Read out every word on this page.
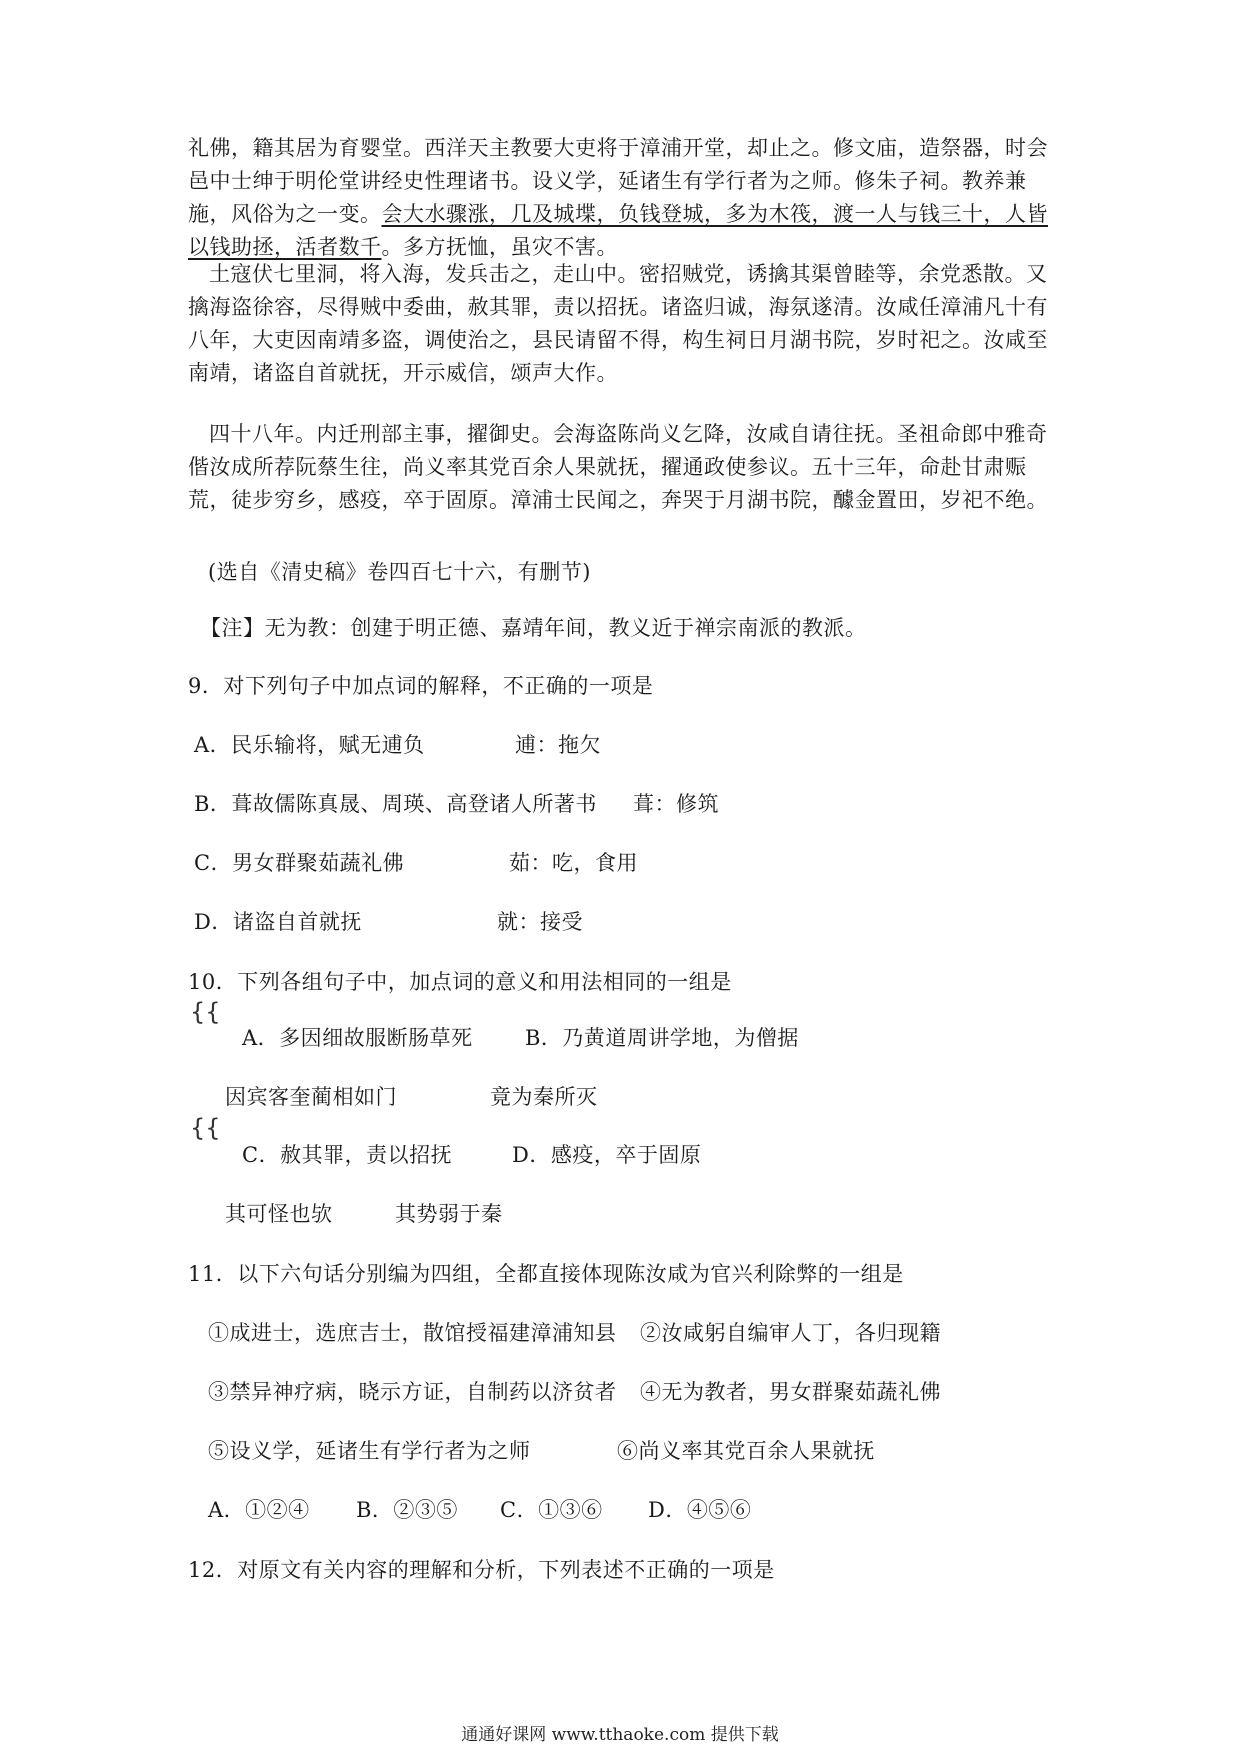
礼佛，籍其居为育婴堂。西洋天主教要大吏将于漳浦开堂，却止之。修文庙，造祭器，时会邑中士绅于明伦堂讲经史性理诸书。设义学，延诸生有学行者为之师。修朱子祠。教养兼施，风俗为之一变。会大水骤涨，几及城堞，负钱登城，多为木筏，渡一人与钱三十，人皆以钱助拯，活者数千。多方抚恤，虽灾不害。

土寇伏七里洞，将入海，发兵击之，走山中。密招贼党，诱擒其渠曾睦等，余党悉散。又擒海盗徐容，尽得贼中委曲，赦其罪，责以招抚。诸盗归诚，海氛遂清。汝咸任漳浦凡十有八年，大吏因南靖多盗，调使治之，县民请留不得，构生祠日月湖书院，岁时祀之。汝咸至南靖，诸盗自首就抚，开示威信，颂声大作。

四十八年。内迁刑部主事，擢御史。会海盗陈尚义乞降，汝咸自请往抚。圣祖命郎中雅奇偕汝成所荐阮蔡生往，尚义率其党百余人果就抚，擢通政使参议。五十三年，命赴甘肃赈荒，徒步穷乡，感疫，卒于固原。漳浦士民闻之，奔哭于月湖书院，醵金置田，岁祀不绝。

(选自《清史稿》卷四百七十六，有删节)

【注】无为教：创建于明正德、嘉靖年间，教义近于禅宗南派的教派。

9．对下列句子中加点词的解释，不正确的一项是

A．民乐输将，赋无逋负	逋：拖欠

B．葺故儒陈真晟、周瑛、高登诸人所著书 葺：修筑

C．男女群聚茹蔬礼佛	茹：吃，食用

D．诸盗自首就抚	就：接受

10．下列各组句子中，加点词的意义和用法相同的一组是

{{

A．多因细故服断肠草死 B．乃黄道周讲学地，为僧据

因宾客奎蔺相如门	竟为秦所灭

{{

C．赦其罪，责以招抚	D．感疫，卒于固原

其可怪也欤	其势弱于秦

11．以下六句话分别编为四组，全都直接体现陈汝咸为官兴利除弊的一组是

①成进士，选庶吉士，散馆授福建漳浦知县 ②汝咸躬自编审人丁，各归现籍

③禁异神疗病，晓示方证，自制药以济贫者 ④无为教者，男女群聚茹蔬礼佛

⑤设义学，延诸生有学行者为之师	⑥尚义率其党百余人果就抚

A．①②④ B．②③⑤ C．①③⑥ D．④⑤⑥

12．对原文有关内容的理解和分析，下列表述不正确的一项是

通通好课网 www.tthaoke.com 提供下载
